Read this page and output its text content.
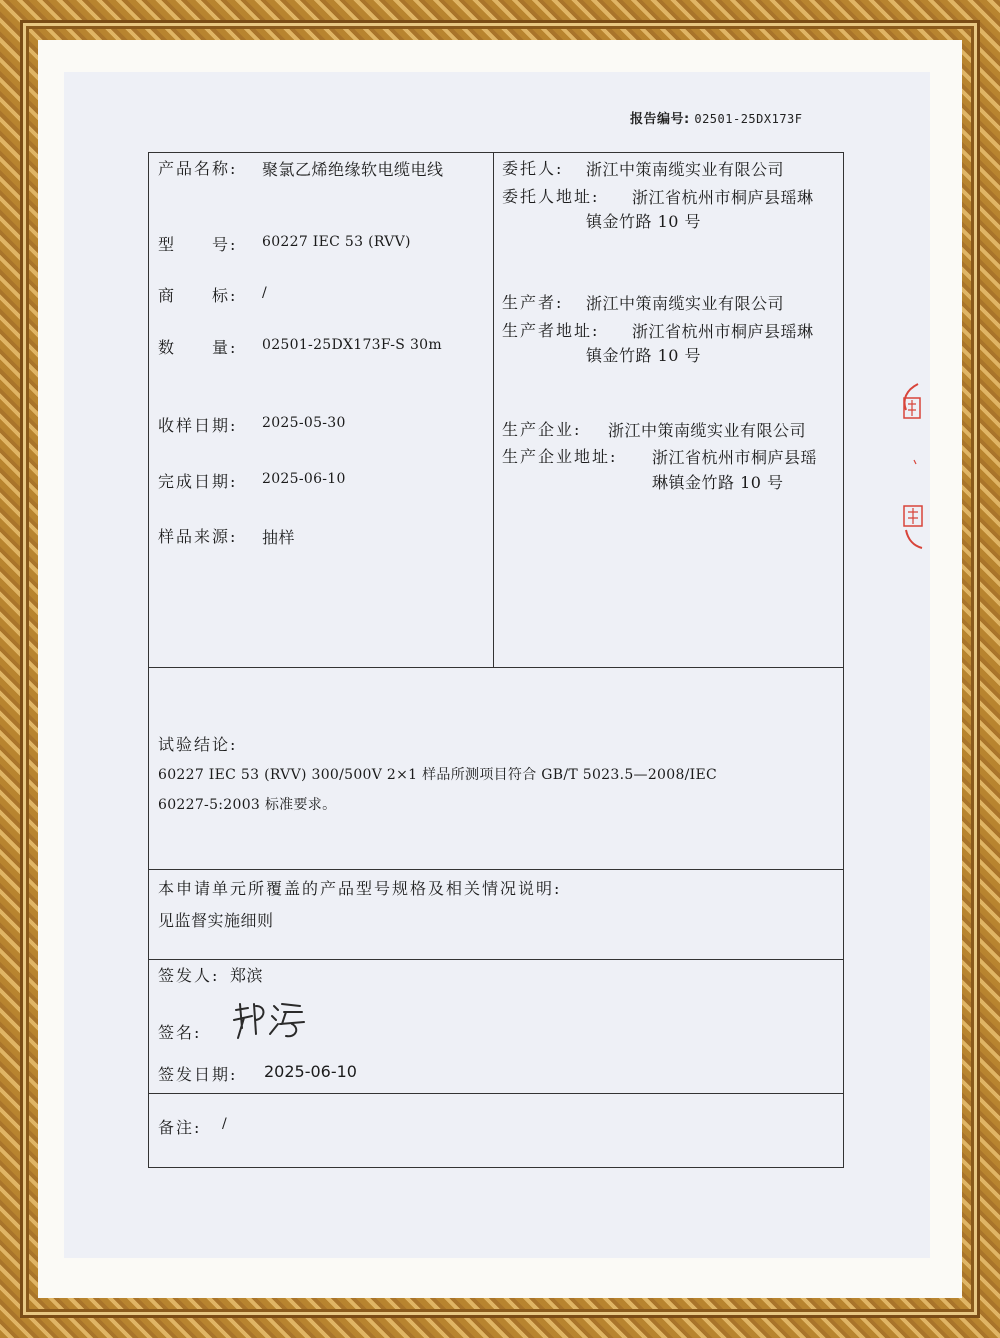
报告编号: 02501-25DX173F
产品名称: 聚氯乙烯绝缘软电缆电线
型　　号: 60227 IEC 53 (RVV)
商　　标: /
数　　量: 02501-25DX173F-S 30m
收样日期: 2025-05-30
完成日期: 2025-06-10
样品来源: 抽样
委托人: 浙江中策南缆实业有限公司
委托人地址: 浙江省杭州市桐庐县瑶琳
镇金竹路 10 号
生产者: 浙江中策南缆实业有限公司
生产者地址: 浙江省杭州市桐庐县瑶琳
镇金竹路 10 号
生产企业: 浙江中策南缆实业有限公司
生产企业地址: 浙江省杭州市桐庐县瑶
琳镇金竹路 10 号
试验结论:
60227 IEC 53 (RVV) 300/500V 2×1 样品所测项目符合 GB/T 5023.5—2008/IEC
60227-5:2003 标准要求。
本申请单元所覆盖的产品型号规格及相关情况说明:
见监督实施细则
签发人: 郑滨
签名:
签发日期: 2025-06-10
备注: /
